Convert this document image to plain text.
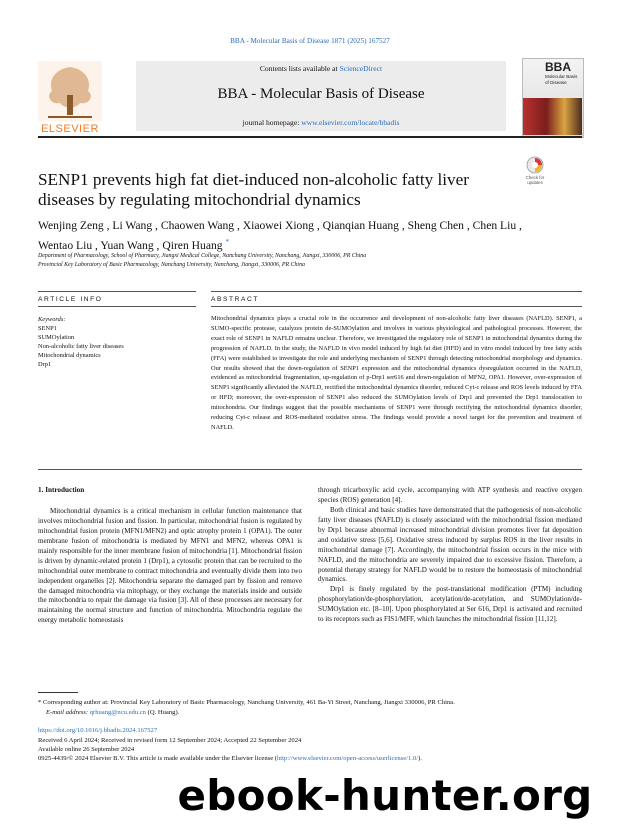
BBA - Molecular Basis of Disease 1871 (2025) 167527
ELSEVIER
Contents lists available at ScienceDirect
BBA - Molecular Basis of Disease
journal homepage: www.elsevier.com/locate/bbadis
BBA
Molecular Basis of Disease
SENP1 prevents high fat diet-induced non-alcoholic fatty liver diseases by regulating mitochondrial dynamics
Check for updates
Wenjing Zeng , Li Wang , Chaowen Wang , Xiaowei Xiong , Qianqian Huang , Sheng Chen , Chen Liu , Wentao Liu , Yuan Wang , Qiren Huang *
Department of Pharmacology, School of Pharmacy, Jiangxi Medical College, Nanchang University, Nanchang, Jiangxi, 330006, PR China
Provincial Key Laboratory of Basic Pharmacology, Nanchang University, Nanchang, Jiangxi, 330006, PR China
ARTICLE INFO	ABSTRACT
Keywords:
SENP1
SUMOylation
Non-alcoholic fatty liver diseases
Mitochondrial dynamics
Drp1
Mitochondrial dynamics plays a crucial role in the occurrence and development of non-alcoholic fatty liver diseases (NAFLD). SENP1, a SUMO-specific protease, catalyzes protein de-SUMOylation and involves in various physiological and pathological processes. However, the exact role of SENP1 in NAFLD remains unclear. Therefore, we investigated the regulatory role of SENP1 in mitochondrial dynamics during the progression of NAFLD. In the study, the NAFLD in vivo model induced by high fat diet (HFD) and in vitro model induced by free fatty acids (FFA) were established to investigate the role and underlying mechanism of SENP1 through detecting mitochondrial morphology and dynamics. Our results showed that the down-regulation of SENP1 expression and the mitochondrial dynamics dysregulation occurred in the NAFLD, evidenced as mitochondrial fragmentation, up-regulation of p-Drp1 ser616 and down-regulation of MFN2, OPA1. However, over-expression of SENP1 significantly alleviated the NAFLD, rectified the mitochondrial dynamics disorder, reduced Cyt-c release and ROS levels induced by FFA or HFD; moreover, the over-expression of SENP1 also reduced the SUMOylation levels of Drp1 and prevented the Drp1 translocation to mitochondria. Our findings suggest that the possible mechanisms of SENP1 were through rectifying the mitochondrial dynamics disorder, reducing Cyt-c release and ROS-mediated oxidative stress. The findings would provide a novel target for the prevention and treatment of NAFLD.
1. Introduction

Mitochondrial dynamics is a critical mechanism in cellular function maintenance that involves mitochondrial fusion and fission. In particular, mitochondrial fusion is regulated by mitochondrial fusion protein (MFN1/MFN2) and optic atrophy protein 1 (OPA1). The outer membrane fusion of mitochondria is mediated by MFN1 and MFN2, whereas OPA1 is mainly responsible for the inner membrane fusion of mitochondria [1]. Mitochondrial fission is driven by dynamic-related protein 1 (Drp1), a cytosolic protein that can be recruited to the mitochondrial outer membrane to contract mitochondria and eventually divide them into two independent organelles [2]. Mitochondria separate the damaged part by fission and remove the damaged mitochondria via mitophagy, or they exchange the materials inside and outside the mitochondria to repair the damage via fusion [3]. All of these processes are necessary for maintaining the normal structure and function of mitochondria. Mitochondria regulate the energy metabolic homeostasis

through tricarboxylic acid cycle, accompanying with ATP synthesis and reactive oxygen species (ROS) generation [4].

Both clinical and basic studies have demonstrated that the pathogenesis of non-alcoholic fatty liver diseases (NAFLD) is closely associated with the mitochondrial fission mediated by Drp1 because abnormal increased mitochondrial division promotes liver fat deposition and oxidative stress [5,6]. Oxidative stress induced by surplus ROS in the liver results in mitochondrial damage [7]. Accordingly, the mitochondrial fission occurs in the mice with NAFLD, and the mitochondria are severely impaired due to excessive fission. Therefore, a potential therapy strategy for NAFLD would be to restore the homeostasis of mitochondrial dynamics.

Drp1 is finely regulated by the post-translational modification (PTM) including phosphorylation/de-phosphorylation, acetylation/de-acetylation, and SUMOylation/de-SUMOylation etc. [8–10]. Upon phosphorylated at Ser 616, Drp1 is activated and recruited to its receptors such as FIS1/MFF, which launches the mitochondrial fission [11,12].

* Corresponding author at: Provincial Key Laboratory of Basic Pharmacology, Nanchang University, 461 Ba-Yi Street, Nanchang, Jiangxi 330006, PR China.
E-mail address: qrhuang@ncu.edu.cn (Q. Huang).
https://doi.org/10.1016/j.bbadis.2024.167527
Received 6 April 2024; Received in revised form 12 September 2024; Accepted 22 September 2024
Available online 26 September 2024
0925-4439/© 2024 Elsevier B.V. This article is made available under the Elsevier license (http://www.elsevier.com/open-access/userlicense/1.0/).
ebook-hunter.org
